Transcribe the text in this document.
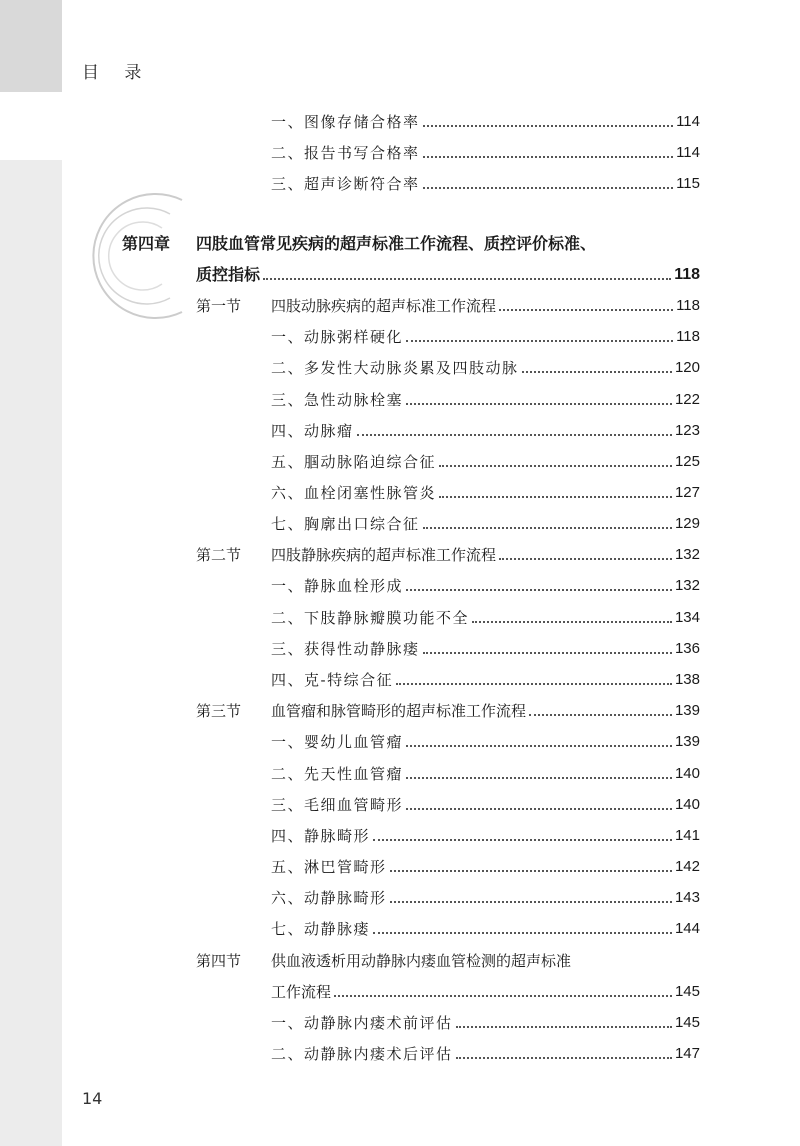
目 录
一、 图像存储合格率	114
二、 报告书写合格率	114
三、 超声诊断符合率	115
第四章	四肢血管常见疾病的超声标准工作流程、质控评价标准、
质控指标	118
第一节	四肢动脉疾病的超声标准工作流程	118
一、 动脉粥样硬化	118
二、 多发性大动脉炎累及四肢动脉	120
三、 急性动脉栓塞	122
四、 动脉瘤	123
五、 腘动脉陷迫综合征	125
六、 血栓闭塞性脉管炎	127
七、 胸廓出口综合征	129
第二节	四肢静脉疾病的超声标准工作流程	132
一、 静脉血栓形成	132
二、 下肢静脉瓣膜功能不全	134
三、 获得性动静脉瘘	136
四、 克-特综合征	138
第三节	血管瘤和脉管畸形的超声标准工作流程	139
一、 婴幼儿血管瘤	139
二、 先天性血管瘤	140
三、 毛细血管畸形	140
四、 静脉畸形	141
五、 淋巴管畸形	142
六、 动静脉畸形	143
七、 动静脉瘘	144
第四节	供血液透析用动静脉内瘘血管检测的超声标准
工作流程	145
一、 动静脉内瘘术前评估	145
二、 动静脉内瘘术后评估	147
14
